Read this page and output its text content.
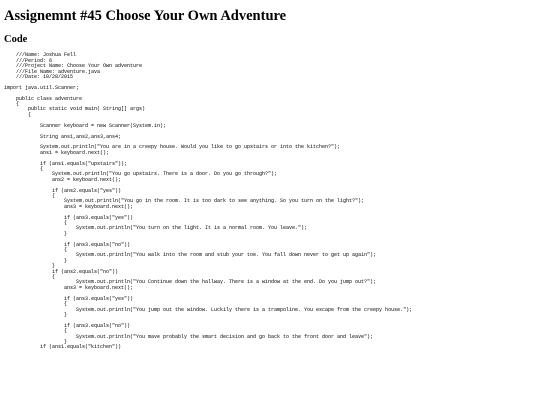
Assignemnt #45 Choose Your Own Adventure
Code
///Name: Joshua Fell
///Period: 6
///Project Name: Choose Your Own adventure
///File Name: adventure.java
///Date: 10/28/2015
import java.util.Scanner;
public class adventure
{
public static void main( String[] args)
{
Scanner keyboard = new Scanner(System.in);
String ans1,ans2,ans3,ans4;
System.out.println("You are in a creepy house. Would you like to go upstairs or into the kitchen?");
ans1 = keyboard.next();
if (ans1.equals("upstairs"));
{
System.out.println("You go upstairs. There is a door. Do you go through?");
ans2 = keyboard.next();
if (ans2.equals("yes"))
{
System.out.println("You go in the room. It is too dark to see anything. So you turn on the light?");
ans3 = keyboard.next();
if (ans3.equals("yes"))
{
System.out.println("You turn on the light. It is a normal room. You leave.");
}
if (ans3.equals("no"))
{
System.out.println("You walk into the room and stub your toe. You fall down never to get up again");
}
}
if (ans2.equals("no"))
{
System.out.println("You Continue down the hallway. There is a window at the end. Do you jump out?");
ans3 = keyboard.next();
if (ans3.equals("yes"))
{
System.out.println("You jump out the window. Luckily there is a trampoline. You escape from the creepy house.");
}
if (ans3.equals("no"))
{
System.out.println("You mave probably the smart decision and go back to the front door and leave");
}
if (ans1.equals("kitchen"))
